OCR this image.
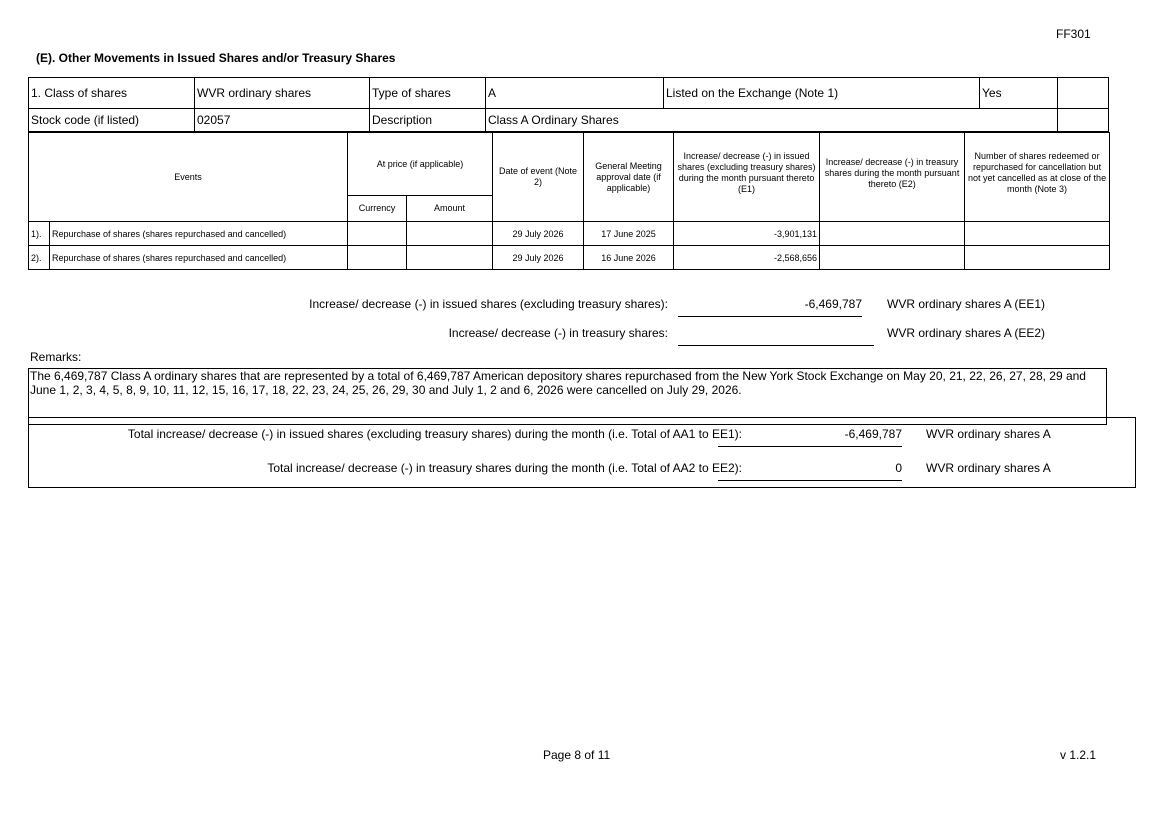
FF301
(E). Other Movements in Issued Shares and/or Treasury Shares
1. Class of shares	WVR ordinary shares	Type of shares	A	Listed on the Exchange (Note 1)	Yes	
Stock code (if listed)	02057	Description	Class A Ordinary Shares			
Events		At price (if applicable)		Date of event (Note 2)	General Meeting approval date (if applicable)	Increase/ decrease (-) in issued shares (excluding treasury shares) during the month pursuant thereto (E1)	Increase/ decrease (-) in treasury shares during the month pursuant thereto (E2)	Number of shares redeemed or repurchased for cancellation but not yet cancelled as at close of the month (Note 3)
		Currency	Amount					
1).	Repurchase of shares (shares repurchased and cancelled)			29 July 2026	17 June 2025	-3,901,131		
2).	Repurchase of shares (shares repurchased and cancelled)			29 July 2026	16 June 2026	-2,568,656		
Increase/ decrease (-) in issued shares (excluding treasury shares):	-6,469,787 WVR ordinary shares A (EE1)
Increase/ decrease (-) in treasury shares:	WVR ordinary shares A (EE2)
Remarks:
The 6,469,787 Class A ordinary shares that are represented by a total of 6,469,787 American depository shares repurchased from the New York Stock Exchange on May 20, 21, 22, 26, 27, 28, 29 and June 1, 2, 3, 4, 5, 8, 9, 10, 11, 12, 15, 16, 17, 18, 22, 23, 24, 25, 26, 29, 30 and July 1, 2 and 6, 2026 were cancelled on July 29, 2026.
Total increase/ decrease (-) in issued shares (excluding treasury shares) during the month (i.e. Total of AA1 to EE1):	-6,469,787 WVR ordinary shares A
Total increase/ decrease (-) in treasury shares during the month (i.e. Total of AA2 to EE2):	0 WVR ordinary shares A
Page 8 of 11	v 1.2.1
